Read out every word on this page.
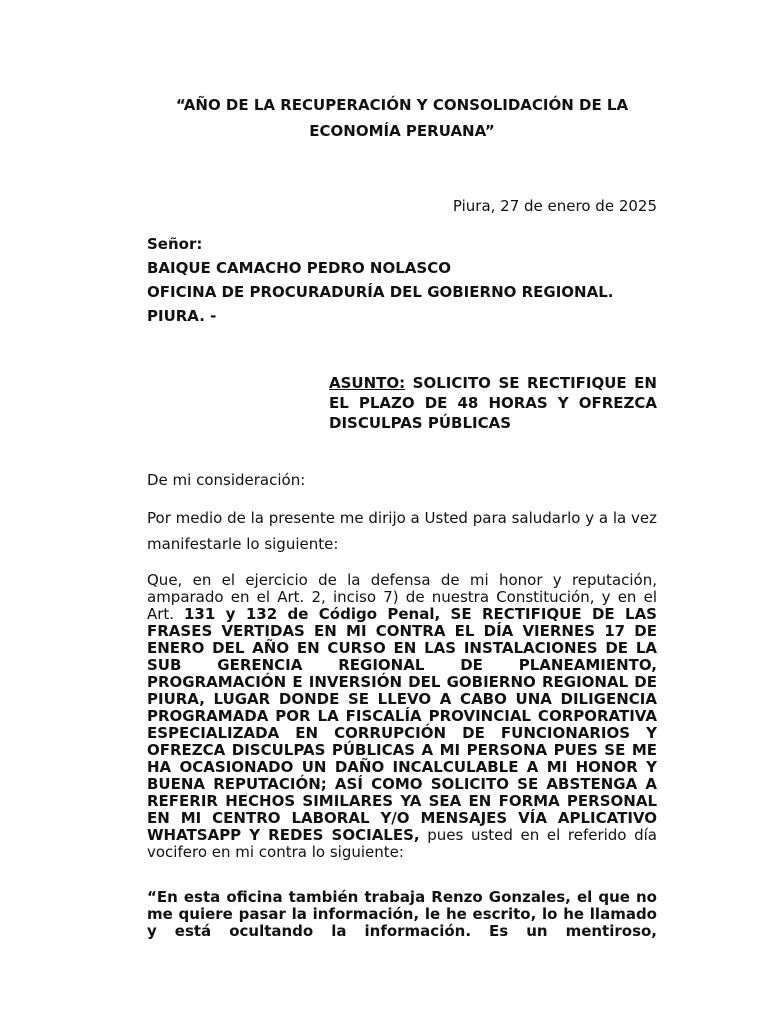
“AÑO DE LA RECUPERACIÓN Y CONSOLIDACIÓN DE LA ECONOMÍA PERUANA”
Piura, 27 de enero de 2025
Señor:
BAIQUE CAMACHO PEDRO NOLASCO
OFICINA DE PROCURADURÍA DEL GOBIERNO REGIONAL.
PIURA. -
ASUNTO: SOLICITO SE RECTIFIQUE EN EL PLAZO DE 48 HORAS Y OFREZCA DISCULPAS PÚBLICAS
De mi consideración:
Por medio de la presente me dirijo a Usted para saludarlo y a la vez manifestarle lo siguiente:

Que, en el ejercicio de la defensa de mi honor y reputación, amparado en el Art. 2, inciso 7) de nuestra Constitución, y en el Art. 131 y 132 de Código Penal, SE RECTIFIQUE DE LAS FRASES VERTIDAS EN MI CONTRA EL DÍA VIERNES 17 DE ENERO DEL AÑO EN CURSO EN LAS INSTALACIONES DE LA SUB GERENCIA REGIONAL DE PLANEAMIENTO, PROGRAMACIÓN E INVERSIÓN DEL GOBIERNO REGIONAL DE PIURA, LUGAR DONDE SE LLEVO A CABO UNA DILIGENCIA PROGRAMADA POR LA FISCALÍA PROVINCIAL CORPORATIVA ESPECIALIZADA EN CORRUPCIÓN DE FUNCIONARIOS Y OFREZCA DISCULPAS PÚBLICAS A MI PERSONA PUES SE ME HA OCASIONADO UN DAÑO INCALCULABLE A MI HONOR Y BUENA REPUTACIÓN; ASÍ COMO SOLICITO SE ABSTENGA A REFERIR HECHOS SIMILARES YA SEA EN FORMA PERSONAL EN MI CENTRO LABORAL Y/O MENSAJES VÍA APLICATIVO WHATSAPP Y REDES SOCIALES, pues usted en el referido día vocifero en mi contra lo siguiente:

“En esta oficina también trabaja Renzo Gonzales, el que no me quiere pasar la información, le he escrito, lo he llamado y está ocultando la información. Es un mentiroso,
